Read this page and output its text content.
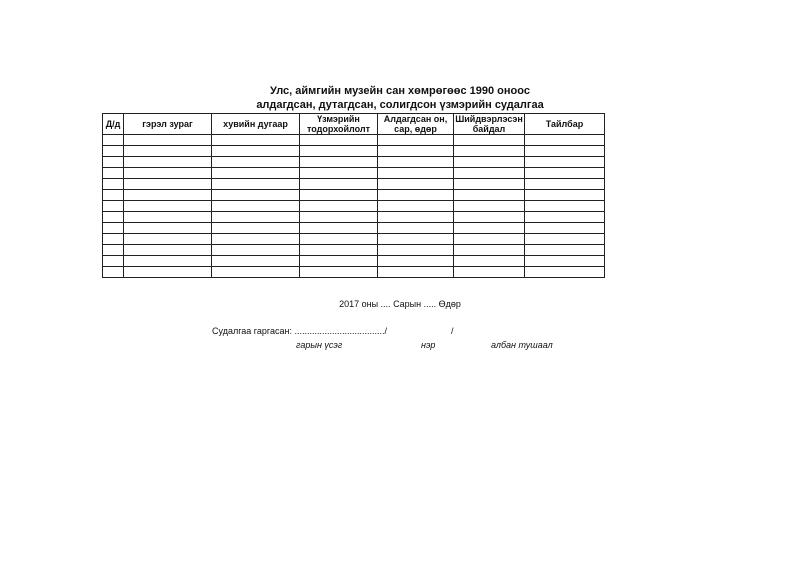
Улс, аймгийн музейн сан хөмрөгөөс 1990 оноос
алдагдсан, дутагдсан, солигдсон үзмэрийн судалгаа
Д/д	гэрэл зураг	хувийн дугаар	Үзмэрийн тодорхойлолт	Алдагдсан он, сар, өдөр	Шийдвэрлэсэн байдал	Тайлбар

2017 оны .... Сарын ..... Өдөр
Судалгаа гаргасан: ..................................../	/
гарын үсэг	нэр	албан тушаал
